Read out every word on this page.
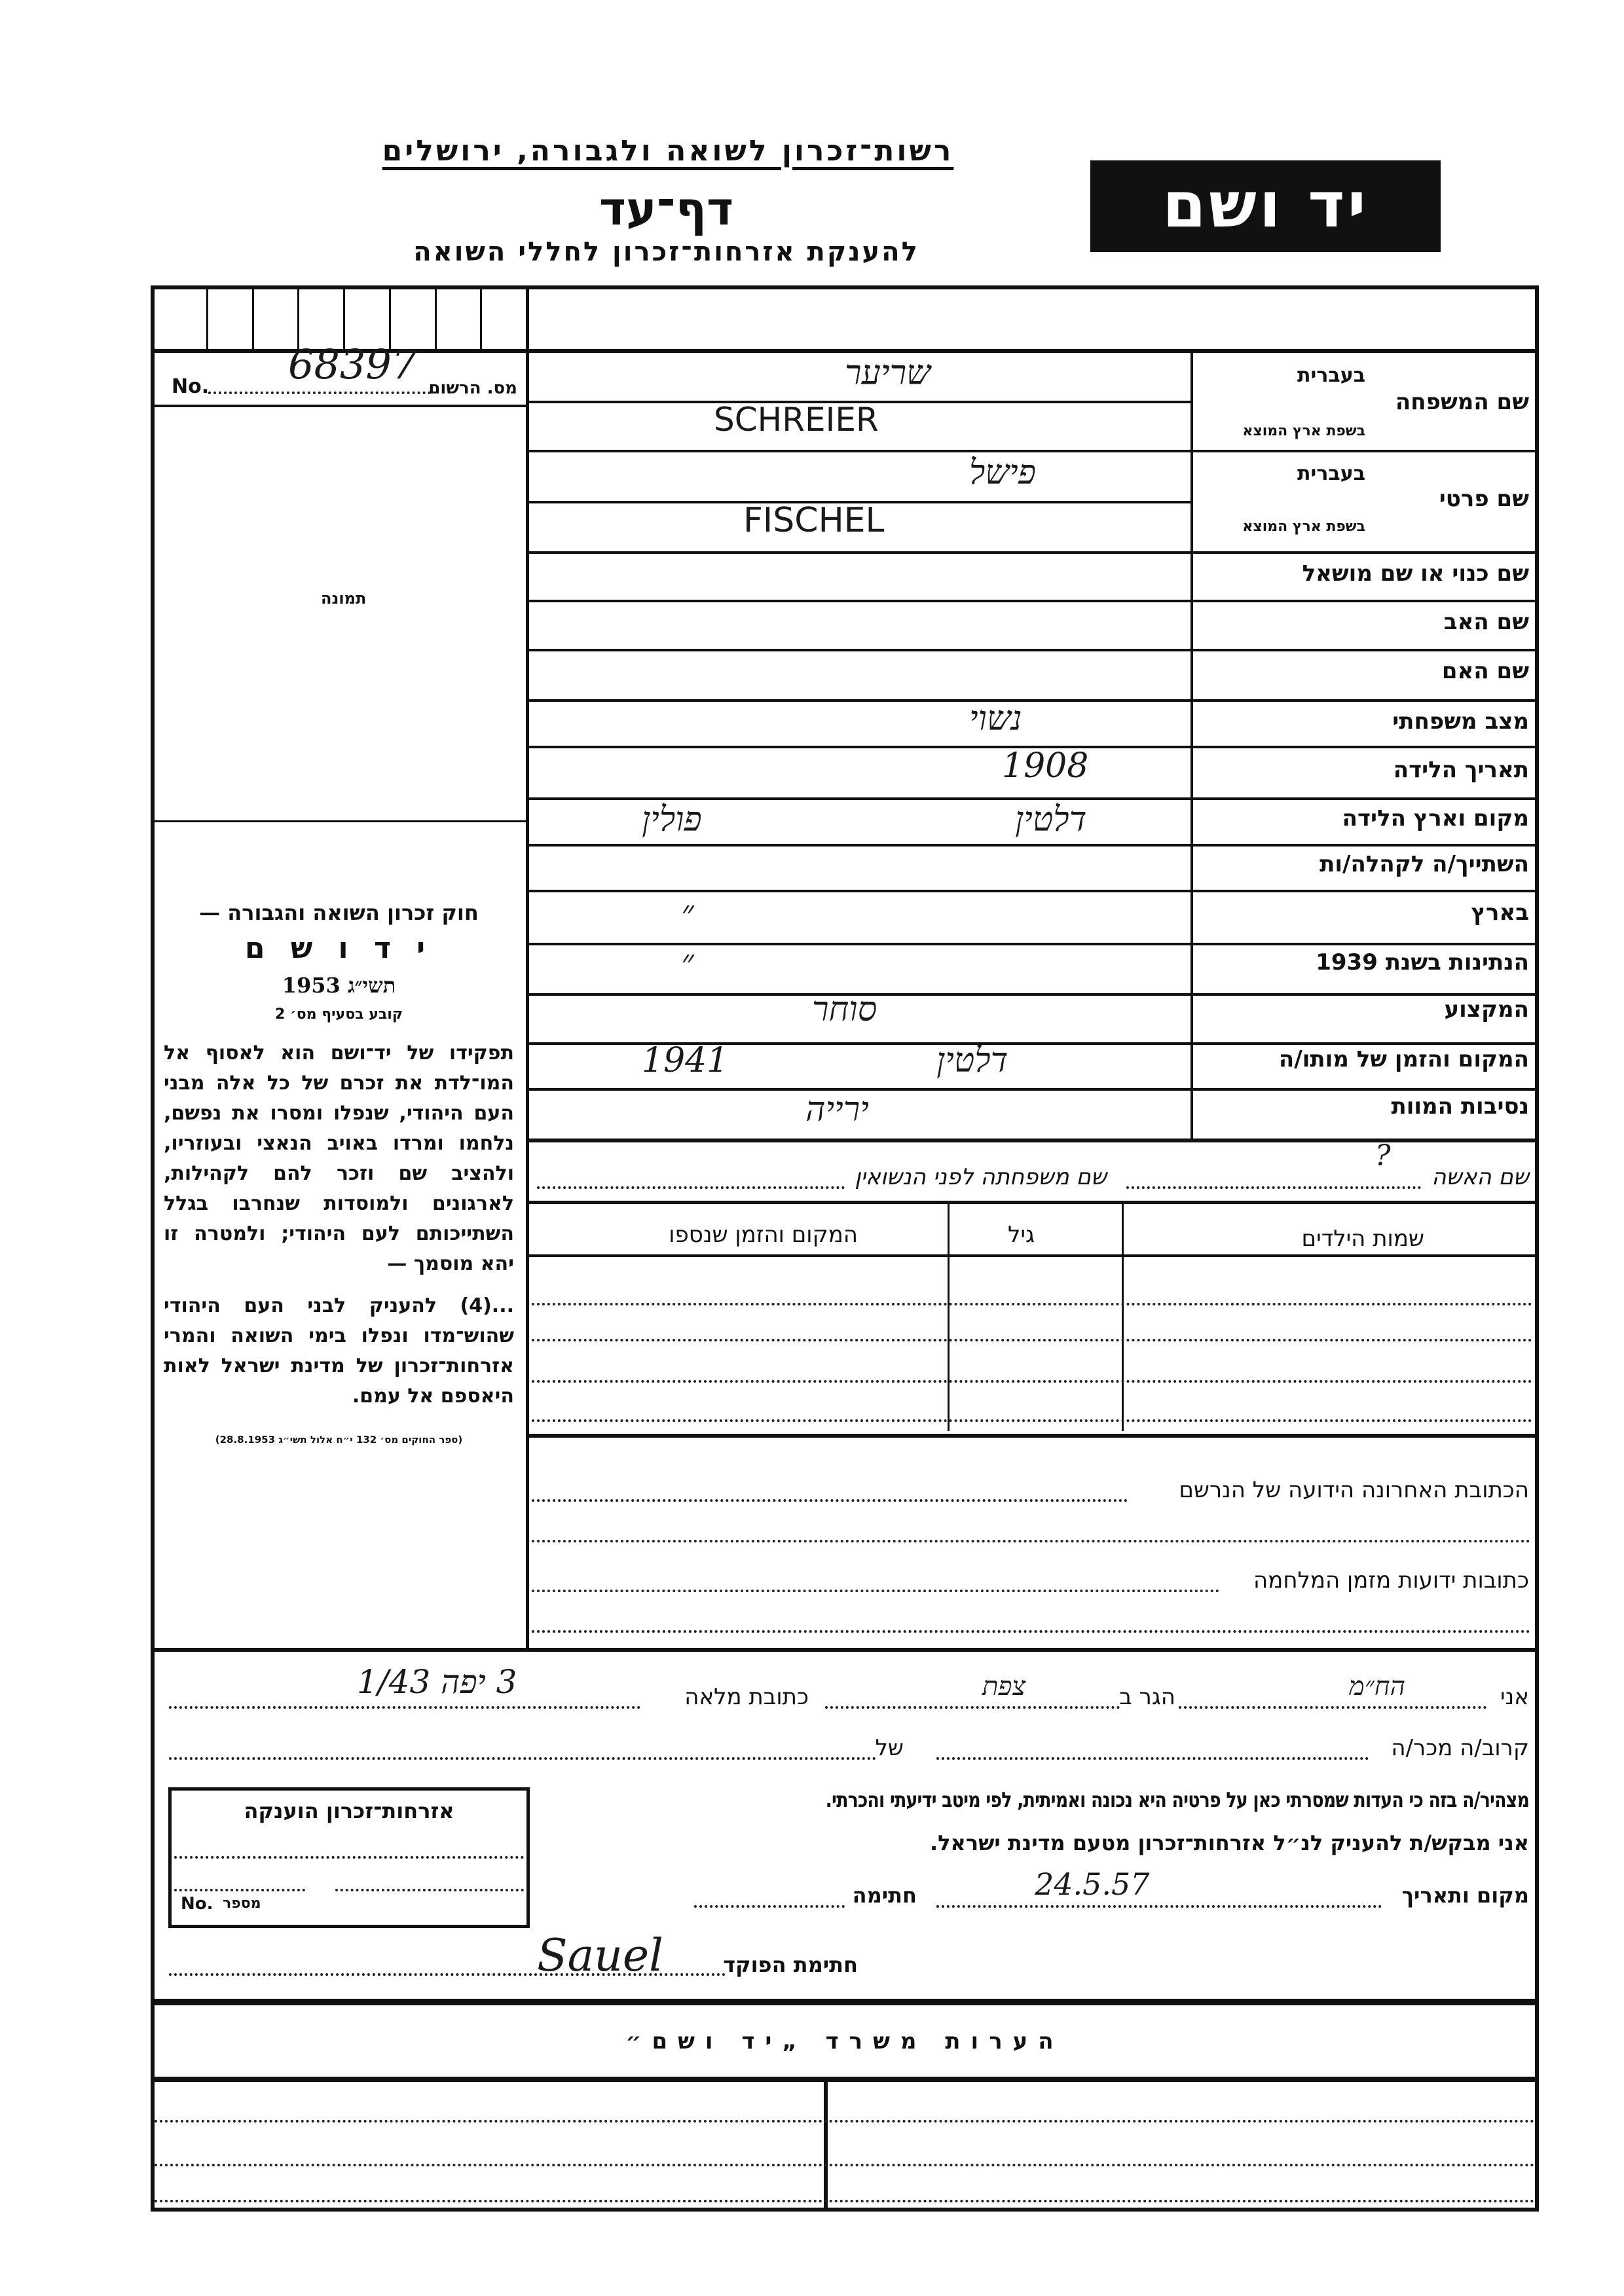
רשות־זכרון לשואה ולגבורה, ירושלים
דף־עד
להענקת אזרחות־זכרון לחללי השואה
יד ושם
מס. הרשום
No. 68397
תמונה
חוק זכרון השואה והגבורה —
י ד ו ש ם
תשי״ג 1953
קובע בסעיף מס׳ 2
תפקידו של יד־ושם הוא לאסוף אל המו־לדת את זכרם של כל אלה מבני העם היהודי, שנפלו ומסרו את נפשם, נלחמו ומרדו באויב הנאצי ובעוזריו, ולהציב שם וזכר להם לקהילות, לארגונים ולמוסדות שנחרבו בגלל השתייכותם לעם היהודי; ולמטרה זו יהא מוסמך —
...(4) להעניק לבני העם היהודי שהוש־מדו ונפלו בימי השואה והמרי אזרחות־זכרון של מדינת ישראל לאות היאספם אל עמם.
(ספר החוקים מס׳ 132 י״ח אלול תשי״ג 28.8.1953)
בעברית
שם המשפחה
בשפת ארץ המוצא
שריער
SCHREIER
בעברית
שם פרטי
בשפת ארץ המוצא
פישל
FISCHEL
שם כנוי או שם מושאל
שם האב
שם האם
מצב משפחתי
נשוי
תאריך הלידה
1908
מקום וארץ הלידה
דלטין
פולין
השתייך/ה לקהלה/ות
בארץ
״
הנתינות בשנת 1939
״
המקצוע
סוחר
המקום והזמן של מותו/ה
דלטין
1941
נסיבות המוות
ירייה
שם האשה
?
שם משפחתה לפני הנשואין
שמות הילדים
גיל
המקום והזמן שנספו
הכתובת האחרונה הידועה של הנרשם
כתובות ידועות מזמן המלחמה
אני
הח״מ
הגר ב
צפת
כתובת מלאה
3 יפה 1/43
קרוב/ה מכר/ה
של
מצהיר/ה בזה כי העדות שמסרתי כאן על פרטיה היא נכונה ואמיתית, לפי מיטב ידיעתי והכרתי.
אני מבקש/ת להעניק לנ״ל אזרחות־זכרון מטעם מדינת ישראל.
מקום ותאריך
24.5.57
חתימה
חתימת הפוקד
Sauel
אזרחות־זכרון הוענקה
No. מספר
הערות משרד „יד ושם״
